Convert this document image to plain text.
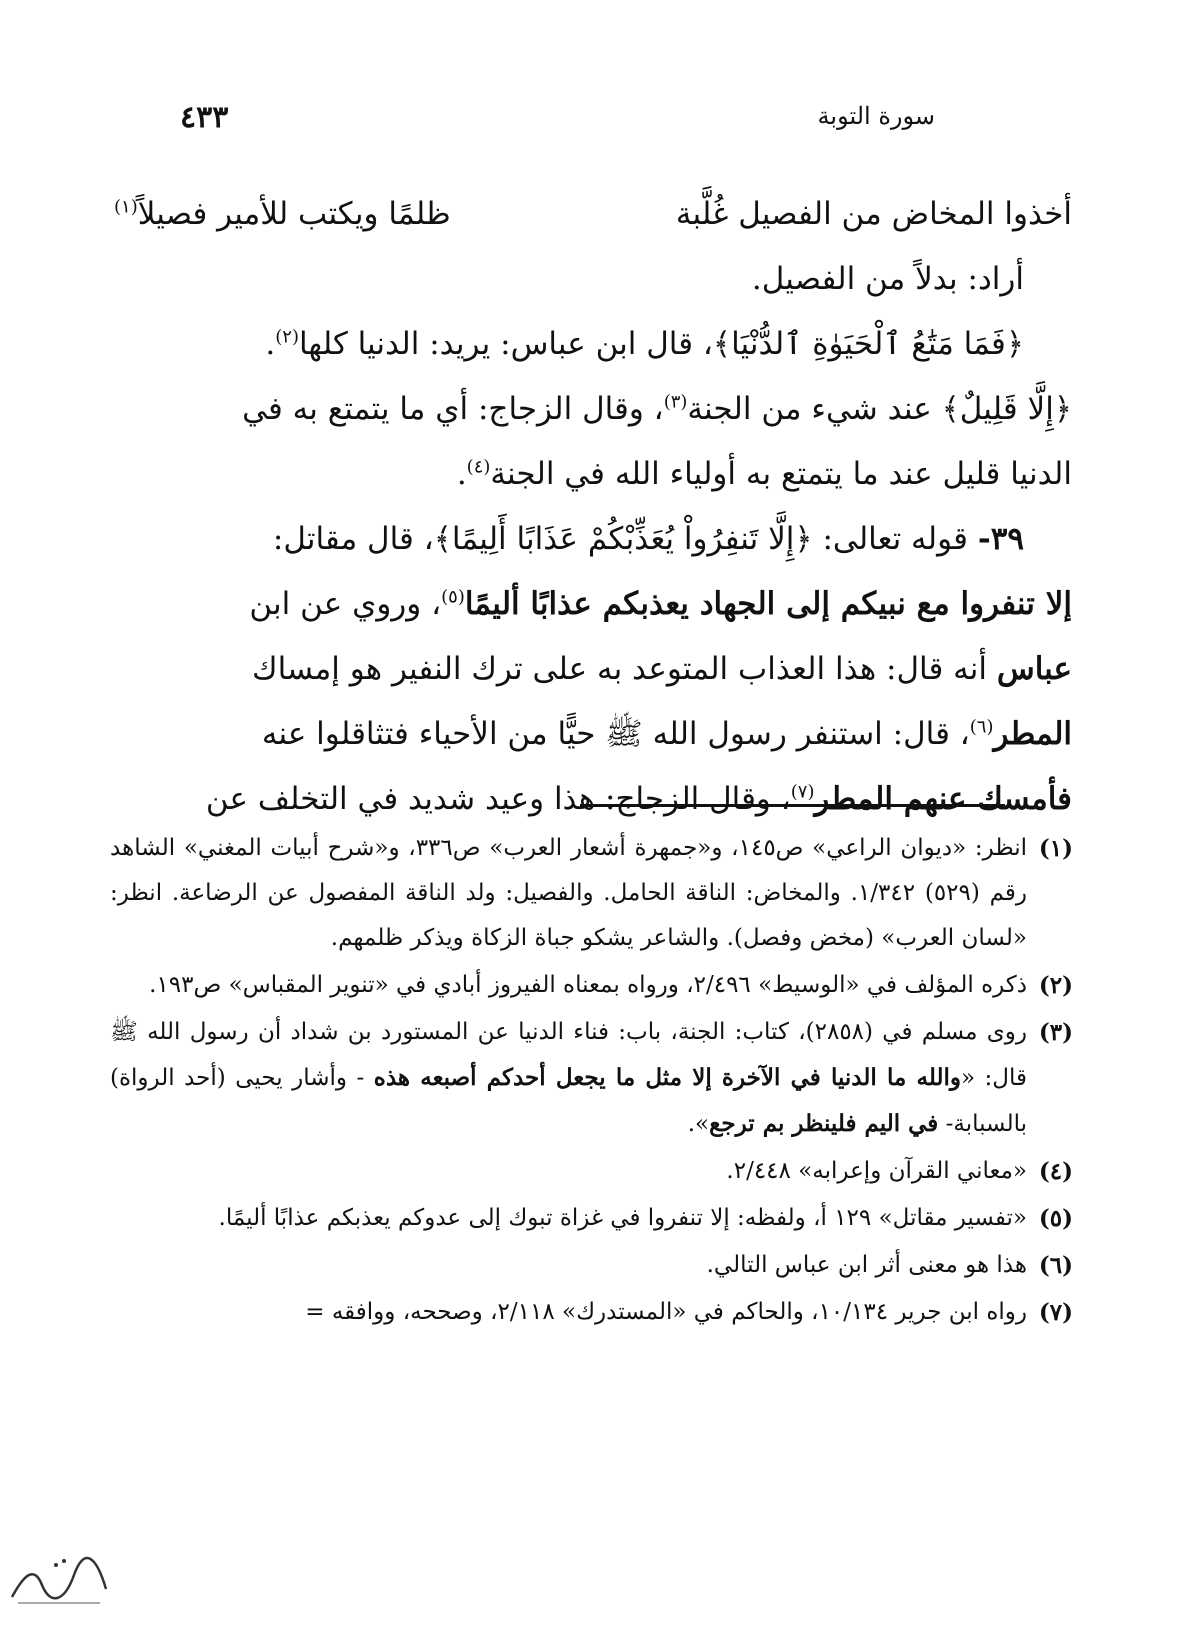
٤٣٣	سورة التوبة
أخذوا المخاض من الفصيل غُلَّبة
ظلمًا ويكتب للأمير فصيلاً$^{(١)}$
أراد: بدلاً من الفصيل.
﴿فَمَا مَتَٰعُ ٱلْحَيَوٰةِ ٱلدُّنْيَا﴾، قال ابن عباس: يريد: الدنيا كلها$^{(٢)}$.
﴿إِلَّا قَلِيلٌ﴾ عند شيء من الجنة$^{(٣)}$، وقال الزجاج: أي ما يتمتع به في
الدنيا قليل عند ما يتمتع به أولياء الله في الجنة$^{(٤)}$.
٣٩- قوله تعالى: ﴿إِلَّا تَنفِرُواْ يُعَذِّبْكُمْ عَذَابًا أَلِيمًا﴾، قال مقاتل:
إلا تنفروا مع نبيكم إلى الجهاد يعذبكم عذابًا أليمًا$^{(٥)}$، وروي عن ابن
عباس أنه قال: هذا العذاب المتوعد به على ترك النفير هو إمساك
المطر$^{(٦)}$، قال: استنفر رسول الله ﷺ حيًّا من الأحياء فتثاقلوا عنه
فأمسك عنهم المطر$^{(٧)}$، وقال الزجاج: هذا وعيد شديد في التخلف عن
(١)
انظر: «ديوان الراعي» ص١٤٥، و«جمهرة أشعار العرب» ص٣٣٦، و«شرح أبيات المغني» الشاهد رقم (٥٢٩) ١/٣٤٢. والمخاض: الناقة الحامل. والفصيل: ولد الناقة المفصول عن الرضاعة. انظر: «لسان العرب» (مخض وفصل). والشاعر يشكو جباة الزكاة ويذكر ظلمهم.
(٢)
ذكره المؤلف في «الوسيط» ٢/٤٩٦، ورواه بمعناه الفيروز أبادي في «تنوير المقباس» ص١٩٣.
(٣)
روى مسلم في (٢٨٥٨)، كتاب: الجنة، باب: فناء الدنيا عن المستورد بن شداد أن رسول الله ﷺ قال: «والله ما الدنيا في الآخرة إلا مثل ما يجعل أحدكم أصبعه هذه - وأشار يحيى (أحد الرواة) بالسبابة- في اليم فلينظر بم ترجع».
(٤)
«معاني القرآن وإعرابه» ٢/٤٤٨.
(٥)
«تفسير مقاتل» ١٢٩ أ، ولفظه: إلا تنفروا في غزاة تبوك إلى عدوكم يعذبكم عذابًا أليمًا.
(٦)
هذا هو معنى أثر ابن عباس التالي.
(٧)
رواه ابن جرير ١٠/١٣٤، والحاكم في «المستدرك» ٢/١١٨، وصححه، ووافقه =
